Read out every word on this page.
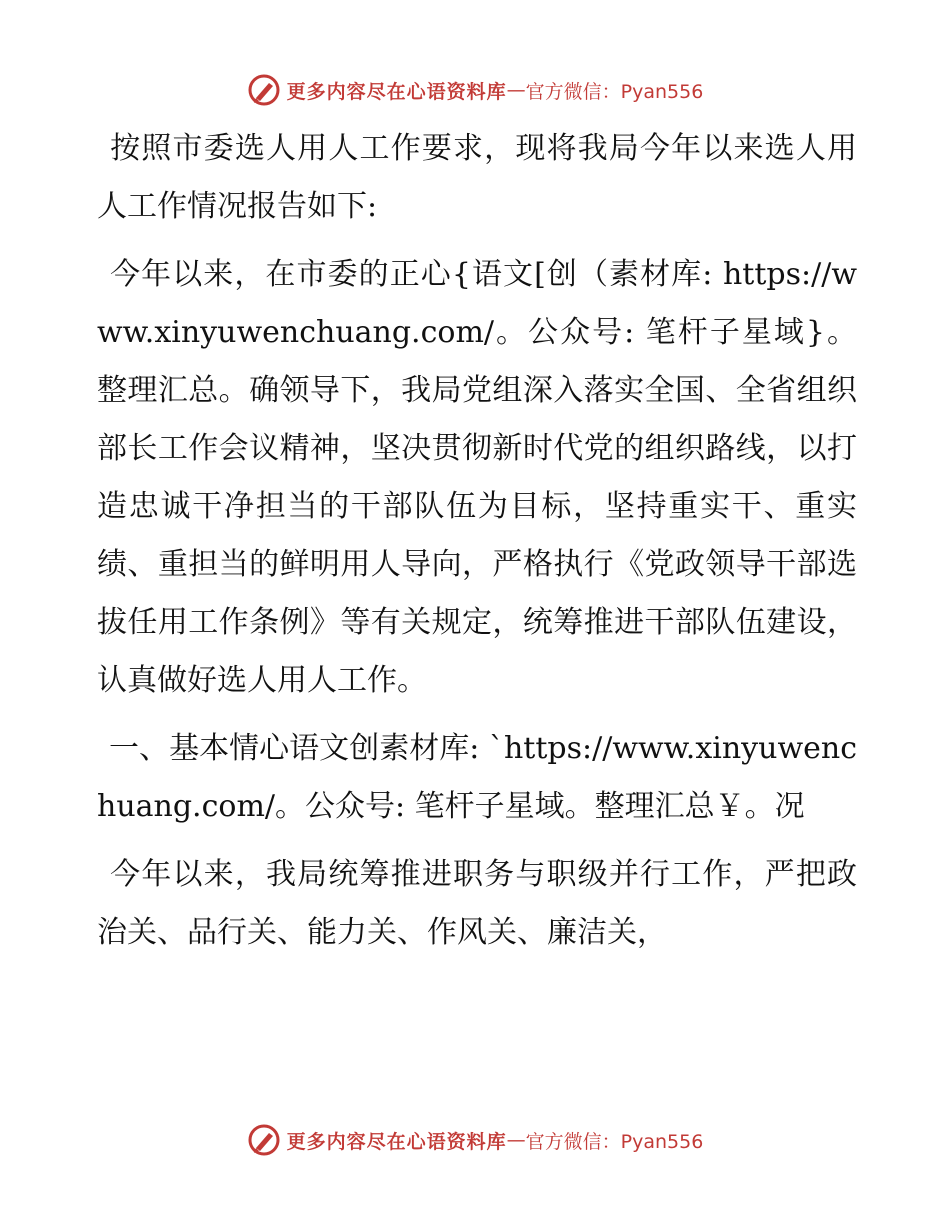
更多内容尽在心语资料库 — 官方微信：Pyan556

按照市委选人用人工作要求，现将我局今年以来选人用人工作情况报告如下:

今年以来，在市委的正心{语文[创（素材库: https://www.xinyuwenchuang.com/。公众号: 笔杆子星域}。整理汇总。确领导下，我局党组深入落实全国、全省组织部长工作会议精神，坚决贯彻新时代党的组织路线，以打造忠诚干净担当的干部队伍为目标，坚持重实干、重实绩、重担当的鲜明用人导向，严格执行《党政领导干部选拔任用工作条例》等有关规定，统筹推进干部队伍建设，认真做好选人用人工作。

一、基本情心语文创素材库: `https://www.xinyuwenchuang.com/。公众号: 笔杆子星域。整理汇总￥。况

今年以来，我局统筹推进职务与职级并行工作，严把政治关、品行关、能力关、作风关、廉洁关，

更多内容尽在心语资料库 — 官方微信：Pyan556
